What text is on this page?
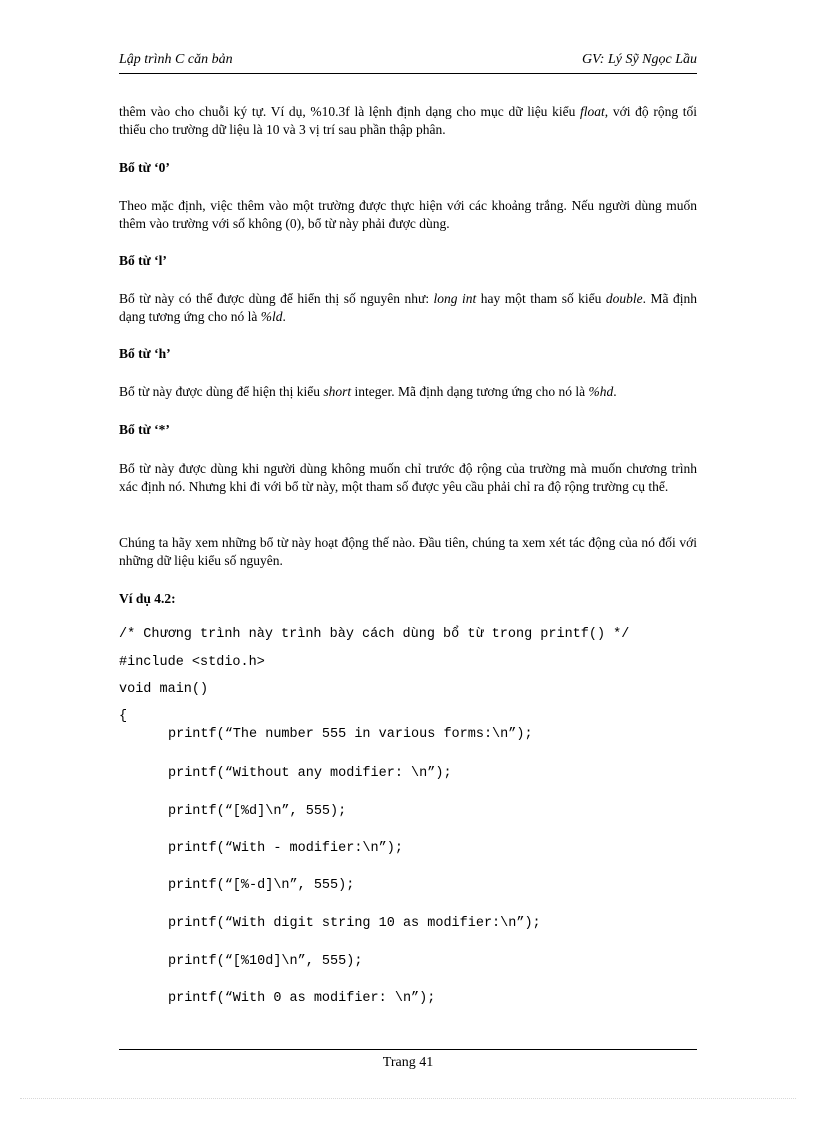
Lập trình C căn bản	GV: Lý Sỹ Ngọc Lầu
thêm vào cho chuỗi ký tự. Ví dụ, %10.3f là lệnh định dạng cho mục dữ liệu kiểu float, với độ rộng tối thiểu cho trường dữ liệu là 10 và 3 vị trí sau phần thập phân.
Bổ từ ‘0’
Theo mặc định, việc thêm vào một trường được thực hiện với các khoảng trắng. Nếu người dùng muốn thêm vào trường với số không (0), bổ từ này phải được dùng.
Bổ từ ‘l’
Bổ từ này có thể được dùng để hiển thị số nguyên như: long int hay một tham số kiểu double. Mã định dạng tương ứng cho nó là %ld.
Bổ từ ‘h’
Bổ từ này được dùng để hiện thị kiểu short integer. Mã định dạng tương ứng cho nó là %hd.
Bổ từ ‘*’
Bổ từ này được dùng khi người dùng không muốn chỉ trước độ rộng của trường mà muốn chương trình xác định nó. Nhưng khi đi với bổ từ này, một tham số được yêu cầu phải chỉ ra độ rộng trường cụ thể.
Chúng ta hãy xem những bổ từ này hoạt động thế nào. Đầu tiên, chúng ta xem xét tác động của nó đối với những dữ liệu kiểu số nguyên.
Ví dụ 4.2:
/* Chương trình này trình bày cách dùng bổ từ trong printf() */
#include <stdio.h>
void main()
{
printf(“The number 555 in various forms:\n”);
printf(“Without any modifier: \n”);
printf(“[%d]\n”, 555);
printf(“With - modifier:\n”);
printf(“[%-d]\n”, 555);
printf(“With digit string 10 as modifier:\n”);
printf(“[%10d]\n”, 555);
printf(“With 0 as modifier: \n”);
Trang 41
